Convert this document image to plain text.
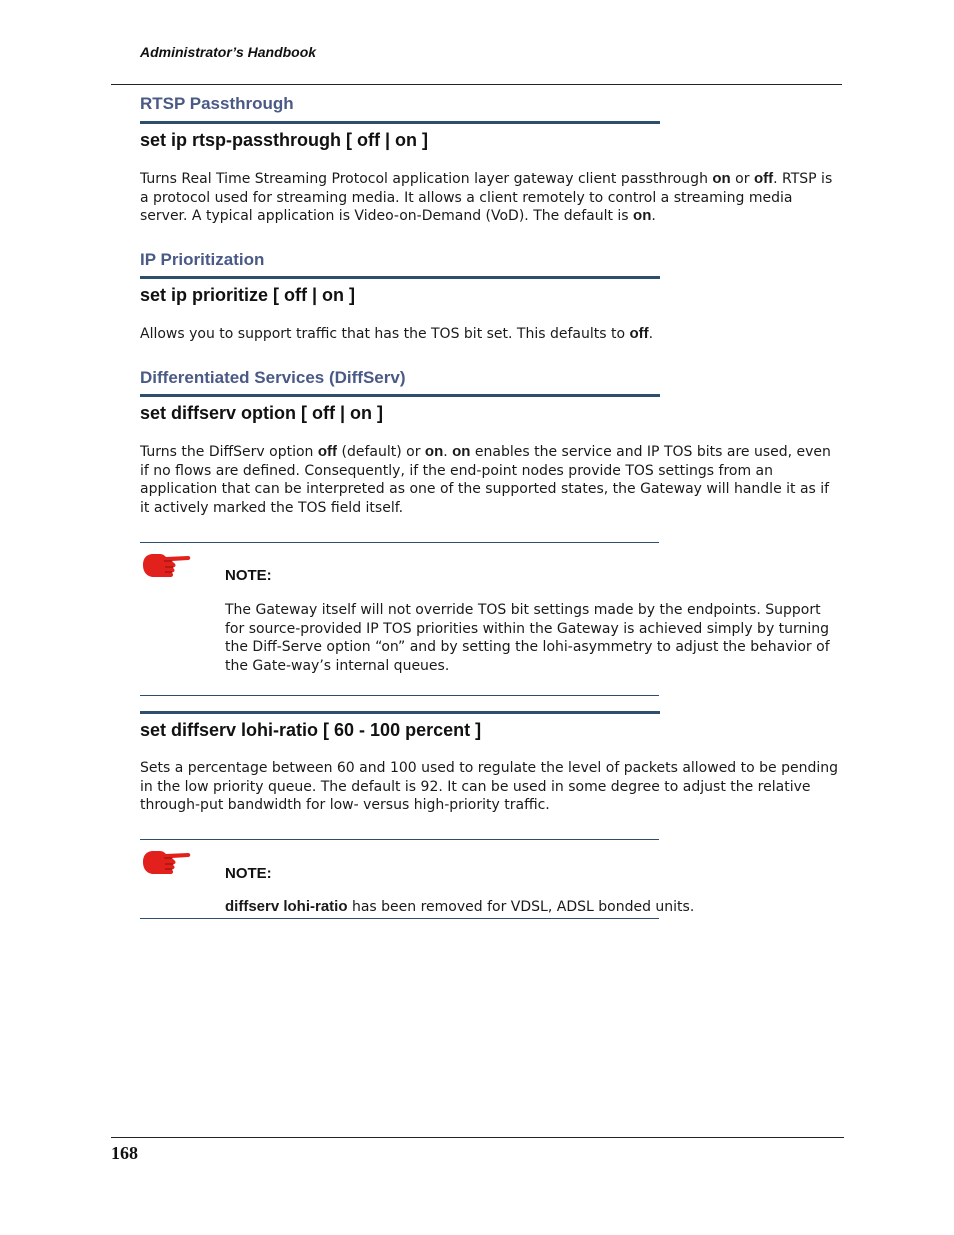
Administrator’s Handbook
RTSP Passthrough
set ip rtsp-passthrough [ off | on ]

Turns Real Time Streaming Protocol application layer gateway client passthrough on or off. RTSP is a protocol used for streaming media. It allows a client remotely to control a streaming media server. A typical application is Video-on-Demand (VoD). The default is on.

IP Prioritization
set ip prioritize [ off | on ]

Allows you to support traffic that has the TOS bit set. This defaults to off.

Differentiated Services (DiffServ)
set diffserv option [ off | on ]

Turns the DiffServ option off (default) or on. on enables the service and IP TOS bits are used, even if no flows are defined. Consequently, if the end-point nodes provide TOS settings from an application that can be interpreted as one of the supported states, the Gateway will handle it as if it actively marked the TOS field itself.

NOTE:

The Gateway itself will not override TOS bit settings made by the endpoints. Support for source-provided IP TOS priorities within the Gateway is achieved simply by turning the Diff-Serve option “on” and by setting the lohi-asymmetry to adjust the behavior of the Gate-way’s internal queues.

set diffserv lohi-ratio [ 60 - 100 percent ]

Sets a percentage between 60 and 100 used to regulate the level of packets allowed to be pending in the low priority queue. The default is 92. It can be used in some degree to adjust the relative through-put bandwidth for low- versus high-priority traffic.

NOTE:

diffserv lohi-ratio has been removed for VDSL, ADSL bonded units.

168
